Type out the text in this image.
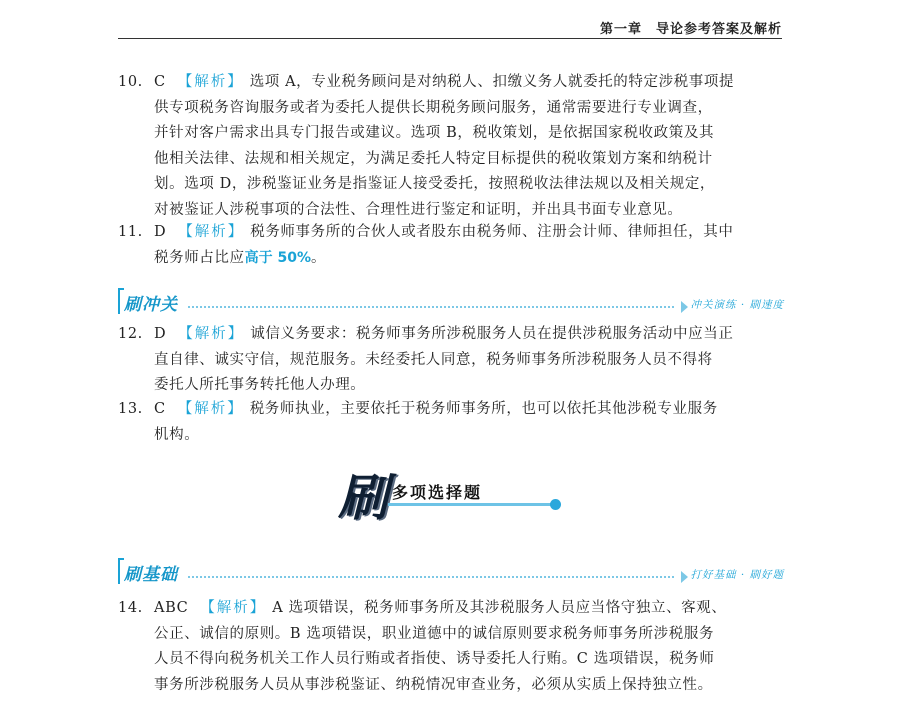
第一章　导论参考答案及解析
10. C 【解析】 选项 A，专业税务顾问是对纳税人、扣缴义务人就委托的特定涉税事项提
供专项税务咨询服务或者为委托人提供长期税务顾问服务，通常需要进行专业调查，
并针对客户需求出具专门报告或建议。选项 B，税收策划，是依据国家税收政策及其
他相关法律、法规和相关规定，为满足委托人特定目标提供的税收策划方案和纳税计
划。选项 D，涉税鉴证业务是指鉴证人接受委托，按照税收法律法规以及相关规定，
对被鉴证人涉税事项的合法性、合理性进行鉴定和证明，并出具书面专业意见。
11. D 【解析】 税务师事务所的合伙人或者股东由税务师、注册会计师、律师担任，其中
税务师占比应高于 50%。
刷冲关	冲关演练 · 刷速度
12. D 【解析】 诚信义务要求：税务师事务所涉税服务人员在提供涉税服务活动中应当正
直自律、诚实守信，规范服务。未经委托人同意，税务师事务所涉税服务人员不得将
委托人所托事务转托他人办理。
13. C 【解析】 税务师执业，主要依托于税务师事务所，也可以依托其他涉税专业服务
机构。
刷 多项选择题
刷基础	打好基础 · 刷好题
14. ABC 【解析】 A 选项错误，税务师事务所及其涉税服务人员应当恪守独立、客观、
公正、诚信的原则。B 选项错误，职业道德中的诚信原则要求税务师事务所涉税服务
人员不得向税务机关工作人员行贿或者指使、诱导委托人行贿。C 选项错误，税务师
事务所涉税服务人员从事涉税鉴证、纳税情况审查业务，必须从实质上保持独立性。
